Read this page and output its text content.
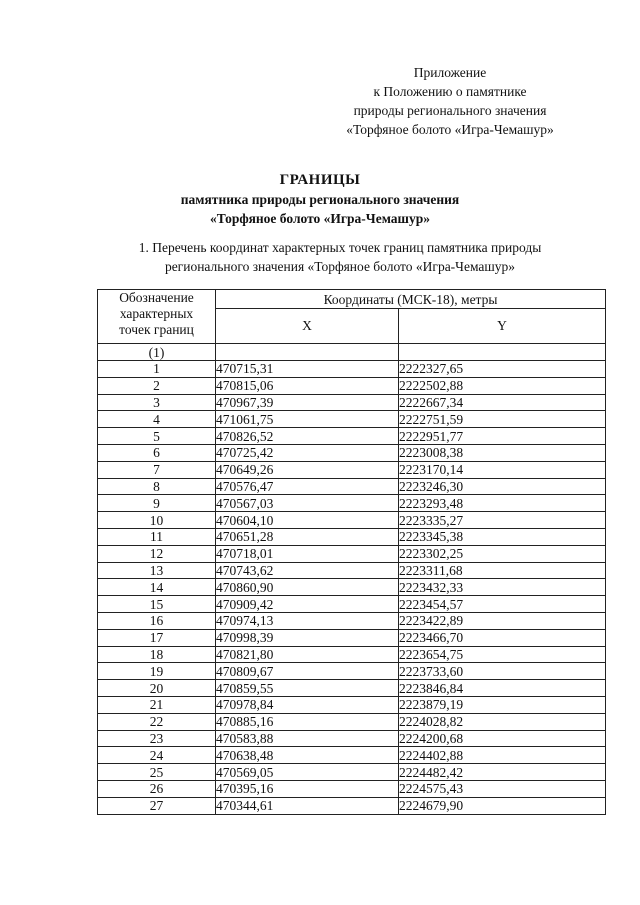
Приложение
к Положению о памятнике
природы регионального значения
«Торфяное болото «Игра-Чемашур»
ГРАНИЦЫ
памятника природы регионального значения
«Торфяное болото «Игра-Чемашур»
1. Перечень координат характерных точек границ памятника природы
регионального значения «Торфяное болото «Игра-Чемашур»
Обозначение
характерных
точек границ	Координаты (МСК-18), метры	
	X	Y
(1)		
1	470715,31	2222327,65
2	470815,06	2222502,88
3	470967,39	2222667,34
4	471061,75	2222751,59
5	470826,52	2222951,77
6	470725,42	2223008,38
7	470649,26	2223170,14
8	470576,47	2223246,30
9	470567,03	2223293,48
10	470604,10	2223335,27
11	470651,28	2223345,38
12	470718,01	2223302,25
13	470743,62	2223311,68
14	470860,90	2223432,33
15	470909,42	2223454,57
16	470974,13	2223422,89
17	470998,39	2223466,70
18	470821,80	2223654,75
19	470809,67	2223733,60
20	470859,55	2223846,84
21	470978,84	2223879,19
22	470885,16	2224028,82
23	470583,88	2224200,68
24	470638,48	2224402,88
25	470569,05	2224482,42
26	470395,16	2224575,43
27	470344,61	2224679,90
